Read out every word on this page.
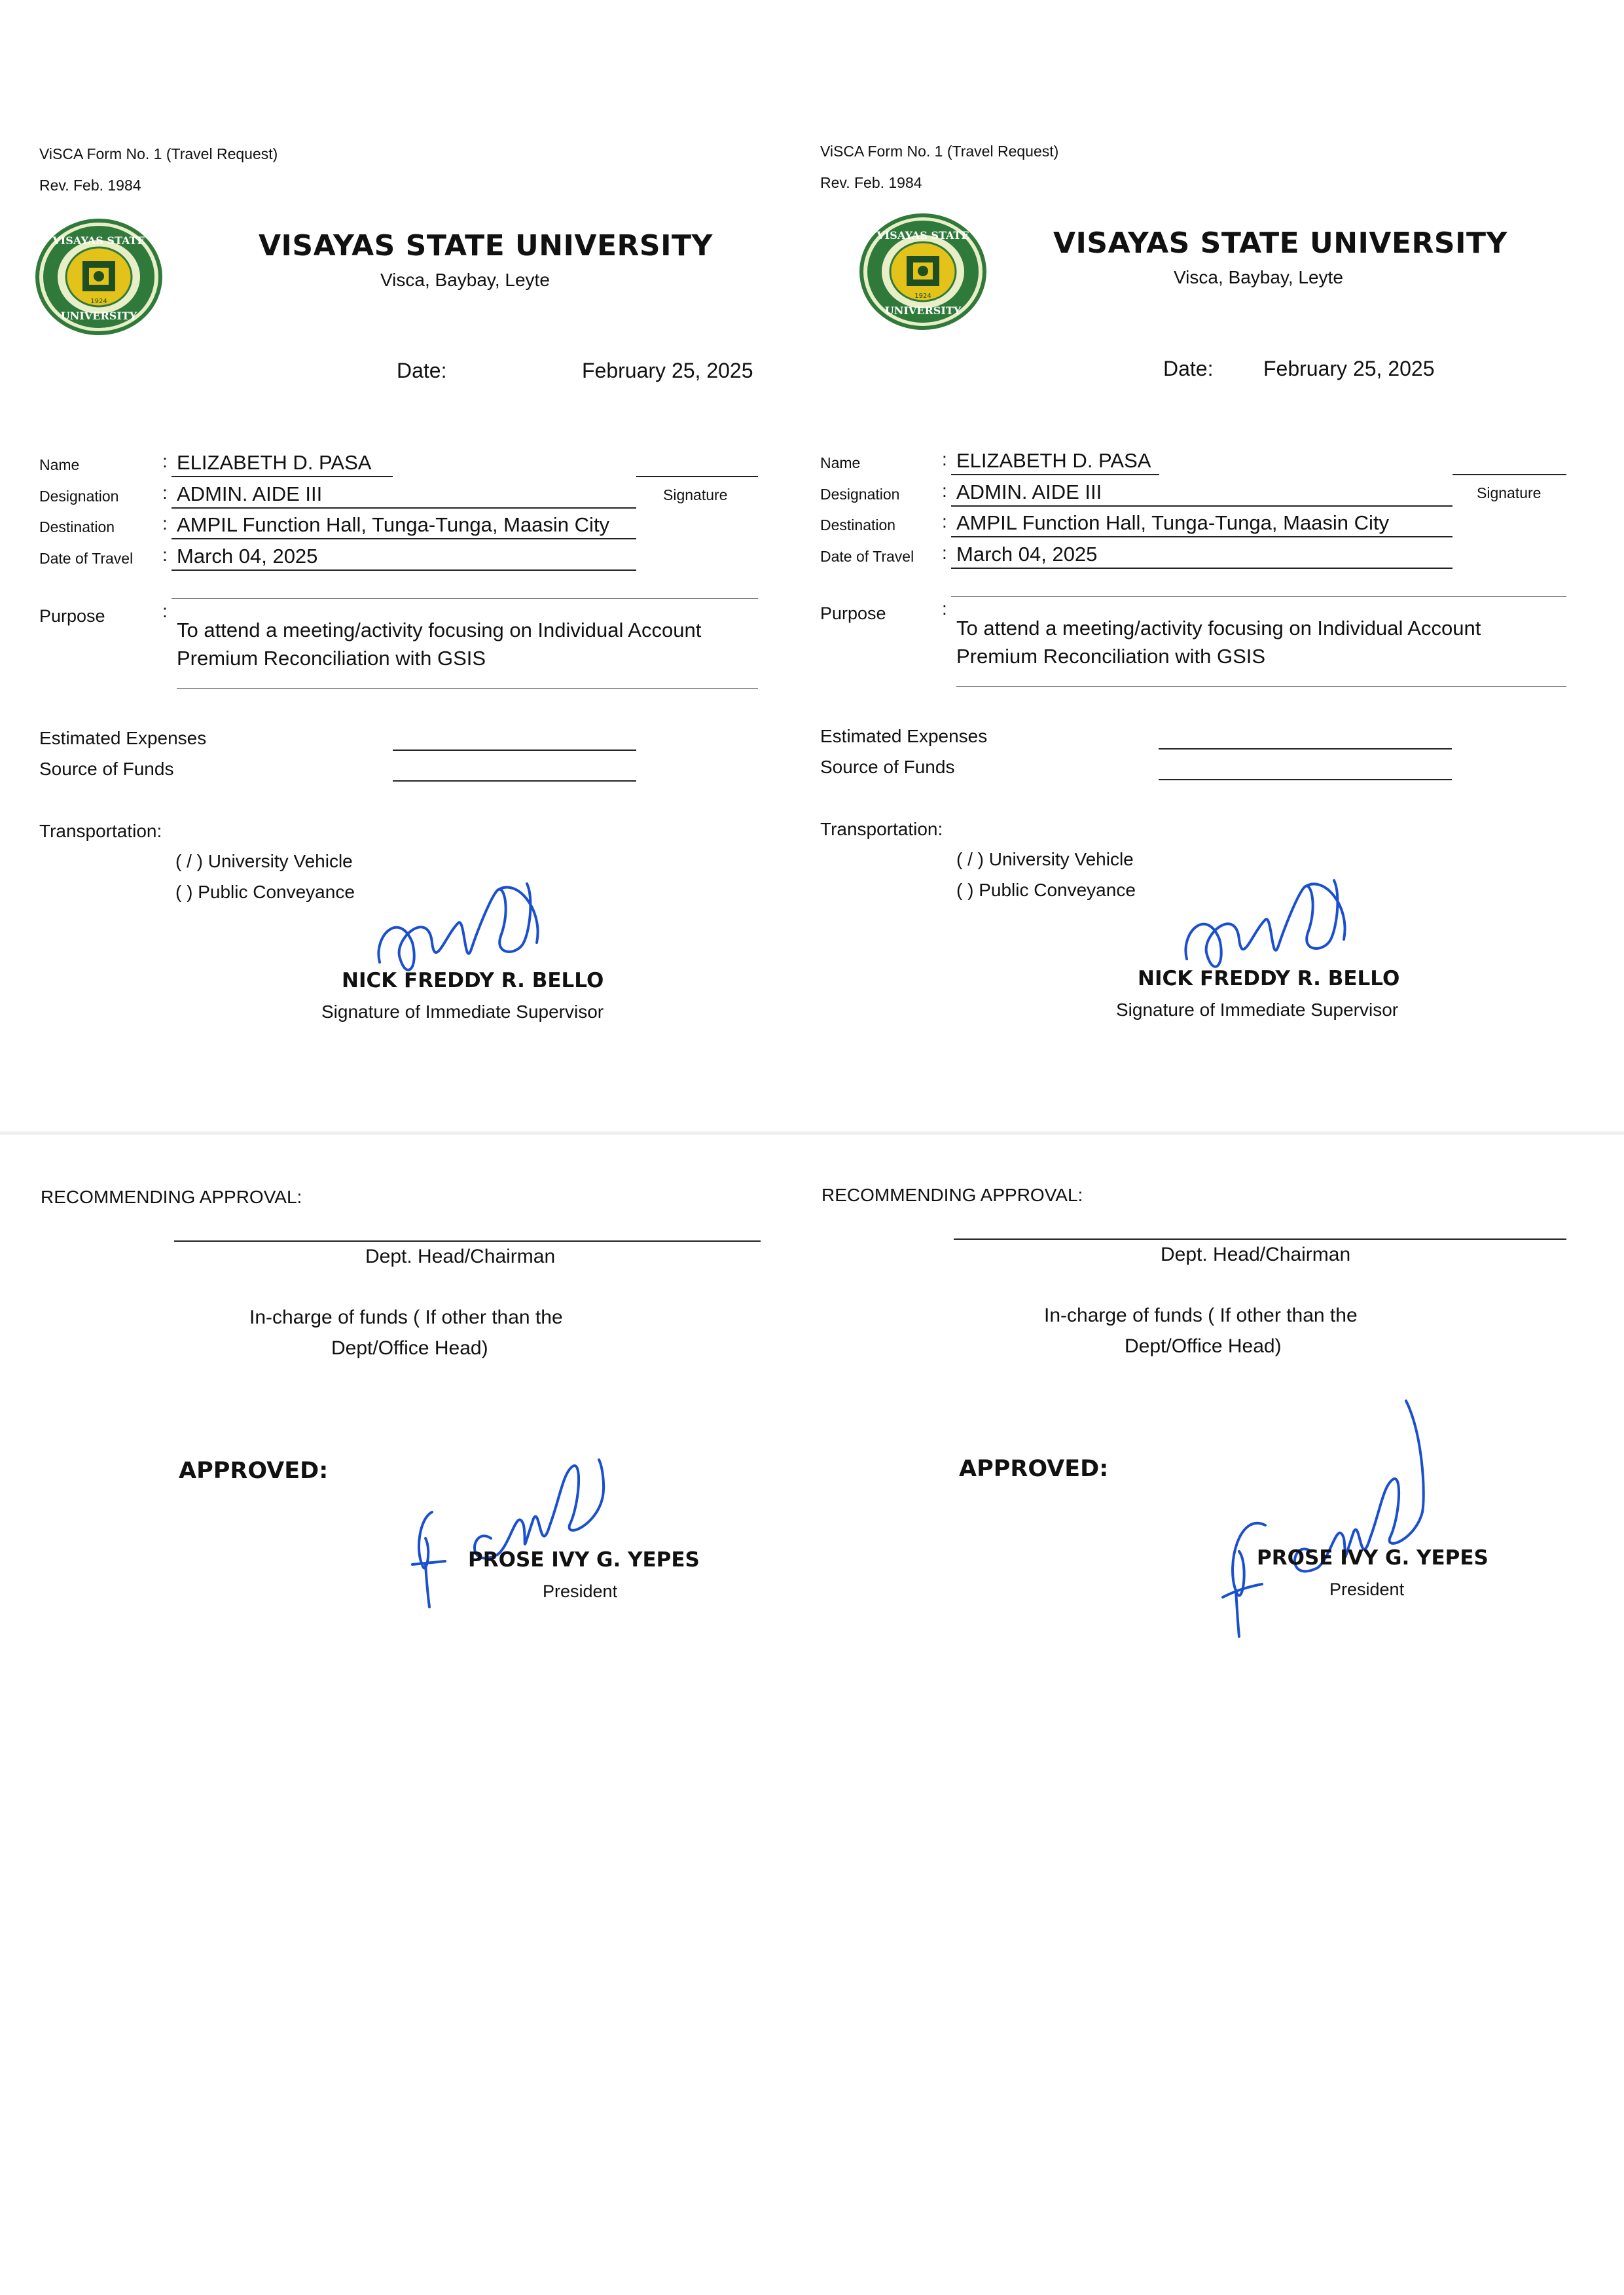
ViSCA Form No. 1 (Travel Request)
Rev. Feb. 1984
VISAYAS STATE
UNIVERSITY
1924
VISAYAS STATE UNIVERSITY
Visca, Baybay, Leyte
Date:	February 25, 2025
Name	: ELIZABETH D. PASA
Signature
Designation : ADMIN. AIDE III
Destination	: AMPIL Function Hall, Tunga-Tunga, Maasin City
Date of Travel : March 04, 2025
Purpose	:
To attend a meeting/activity focusing on Individual Account
Premium Reconciliation with GSIS
Estimated Expenses
Source of Funds
Transportation:
( / ) University Vehicle
( ) Public Conveyance
NICK FREDDY R. BELLO
Signature of Immediate Supervisor
RECOMMENDING APPROVAL:
Dept. Head/Chairman
In-charge of funds ( If other than the
Dept/Office Head)
APPROVED:
PROSE IVY G. YEPES
President
ViSCA Form No. 1 (Travel Request)
Rev. Feb. 1984
VISAYAS STATE
UNIVERSITY
1924
VISAYAS STATE UNIVERSITY
Visca, Baybay, Leyte
Date: February 25, 2025
Name	: ELIZABETH D. PASA
Signature
Designation : ADMIN. AIDE III
Destination	: AMPIL Function Hall, Tunga-Tunga, Maasin City
Date of Travel : March 04, 2025
Purpose	:
To attend a meeting/activity focusing on Individual Account
Premium Reconciliation with GSIS
Estimated Expenses
Source of Funds
Transportation:
( / ) University Vehicle
( ) Public Conveyance
NICK FREDDY R. BELLO
Signature of Immediate Supervisor
RECOMMENDING APPROVAL:
Dept. Head/Chairman
In-charge of funds ( If other than the
Dept/Office Head)
APPROVED:
PROSE IVY G. YEPES
President
